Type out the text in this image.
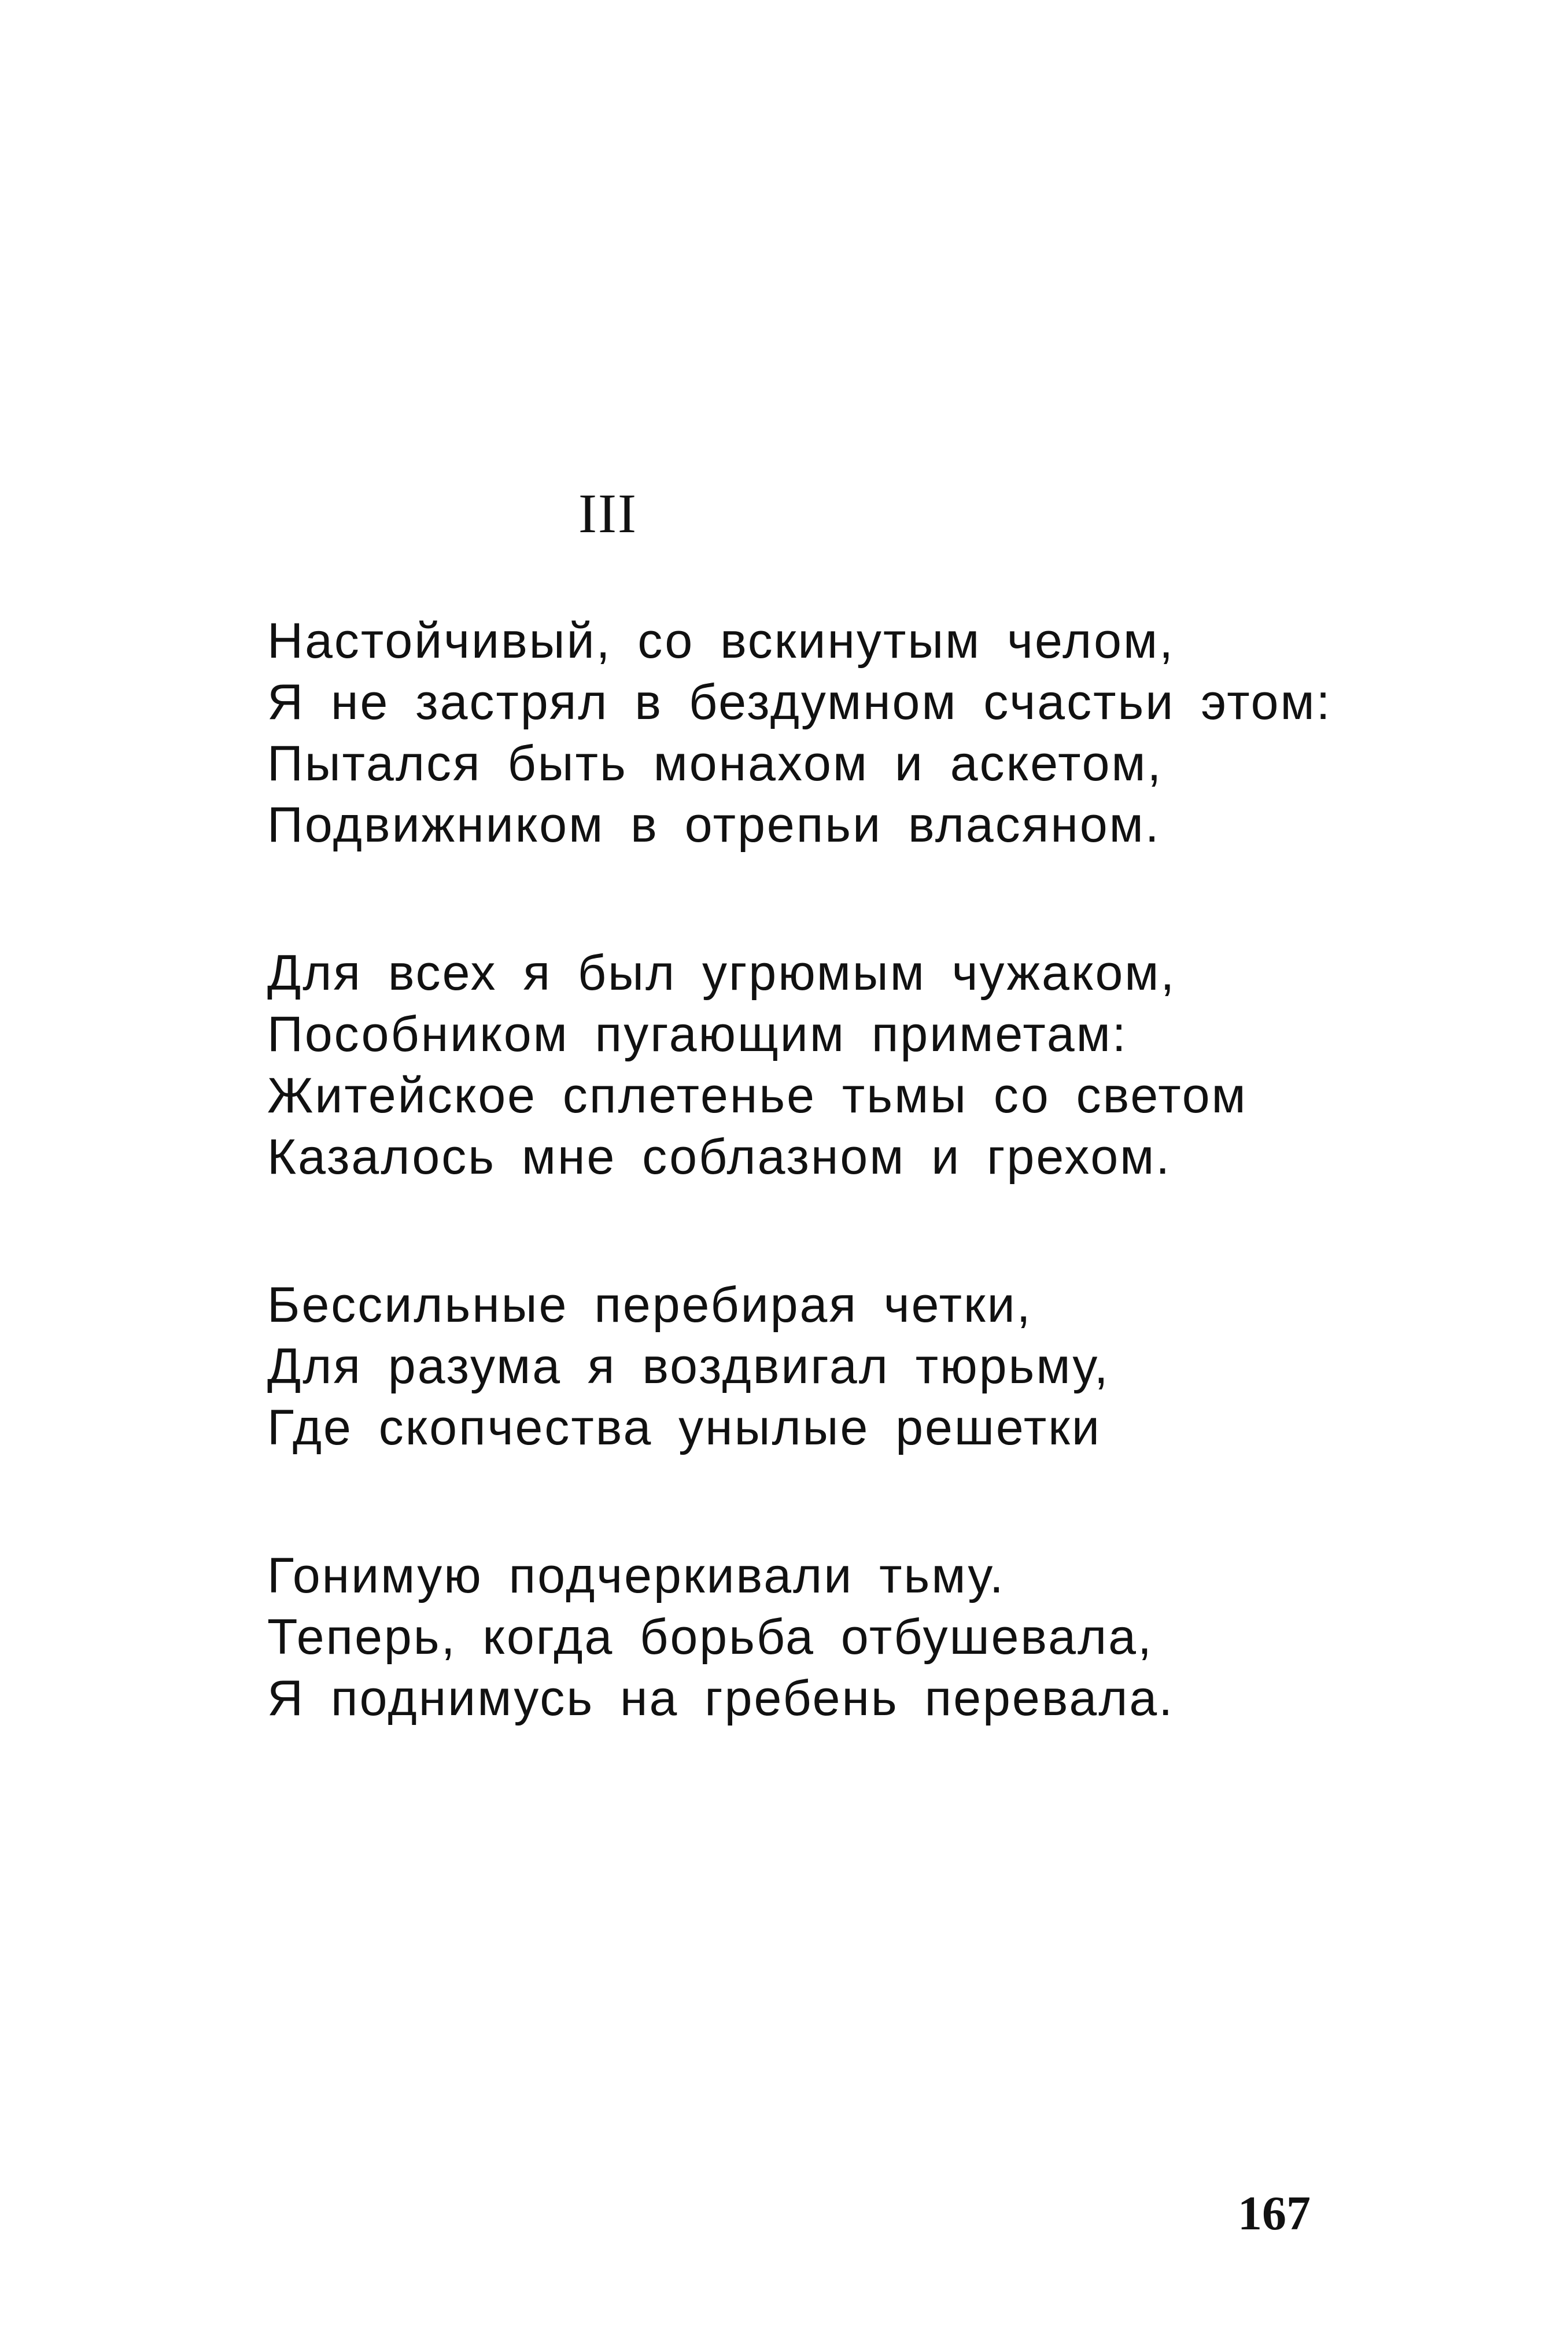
III
Настойчивый, со вскинутым челом,
Я не застрял в бездумном счастьи этом:
Пытался быть монахом и аскетом,
Подвижником в отрепьи власяном.
Для всех я был угрюмым чужаком,
Пособником пугающим приметам:
Житейское сплетенье тьмы со светом
Казалось мне соблазном и грехом.
Бессильные перебирая четки,
Для разума я воздвигал тюрьму,
Где скопчества унылые решетки
Гонимую подчеркивали тьму.
Теперь, когда борьба отбушевала,
Я поднимусь на гребень перевала.
167
